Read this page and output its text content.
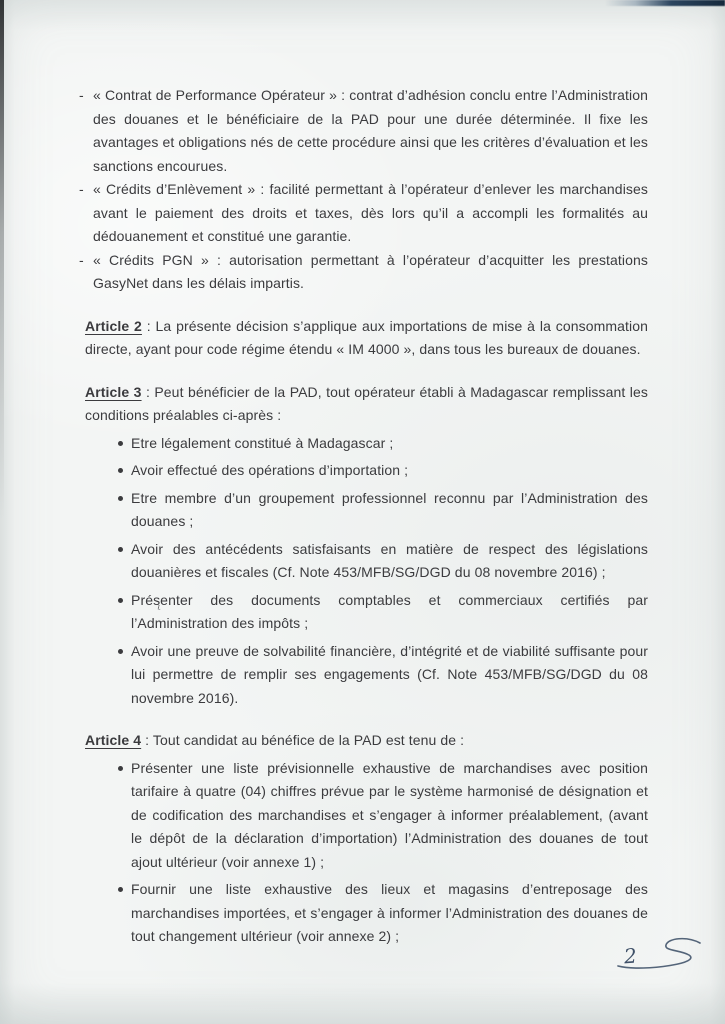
- « Contrat de Performance Opérateur » : contrat d’adhésion conclu entre l’Administration des douanes et le bénéficiaire de la PAD pour une durée déterminée. Il fixe les avantages et obligations nés de cette procédure ainsi que les critères d’évaluation et les sanctions encourues.

- « Crédits d’Enlèvement » : facilité permettant à l’opérateur d’enlever les marchandises avant le paiement des droits et taxes, dès lors qu’il a accompli les formalités au dédouanement et constitué une garantie.

- « Crédits PGN » : autorisation permettant à l’opérateur d’acquitter les prestations GasyNet dans les délais impartis.

Article 2 : La présente décision s’applique aux importations de mise à la consommation directe, ayant pour code régime étendu « IM 4000 », dans tous les bureaux de douanes.

Article 3 : Peut bénéficier de la PAD, tout opérateur établi à Madagascar remplissant les conditions préalables ci-après :

Etre légalement constitué à Madagascar ;

Avoir effectué des opérations d’importation ;

Etre membre d’un groupement professionnel reconnu par l’Administration des douanes ;

Avoir des antécédents satisfaisants en matière de respect des législations douanières et fiscales (Cf. Note 453/MFB/SG/DGD du 08 novembre 2016) ;

Présenter des documents comptables et commerciaux certifiés par l’Administration des impôts ;

Avoir une preuve de solvabilité financière, d’intégrité et de viabilité suffisante pour lui permettre de remplir ses engagements (Cf. Note 453/MFB/SG/DGD du 08 novembre 2016).

Article 4 : Tout candidat au bénéfice de la PAD est tenu de :

Présenter une liste prévisionnelle exhaustive de marchandises avec position tarifaire à quatre (04) chiffres prévue par le système harmonisé de désignation et de codification des marchandises et s’engager à informer préalablement, (avant le dépôt de la déclaration d’importation) l’Administration des douanes de tout ajout ultérieur (voir annexe 1) ;

Fournir une liste exhaustive des lieux et magasins d’entreposage des marchandises importées, et s’engager à informer l’Administration des douanes de tout changement ultérieur (voir annexe 2) ;

2
